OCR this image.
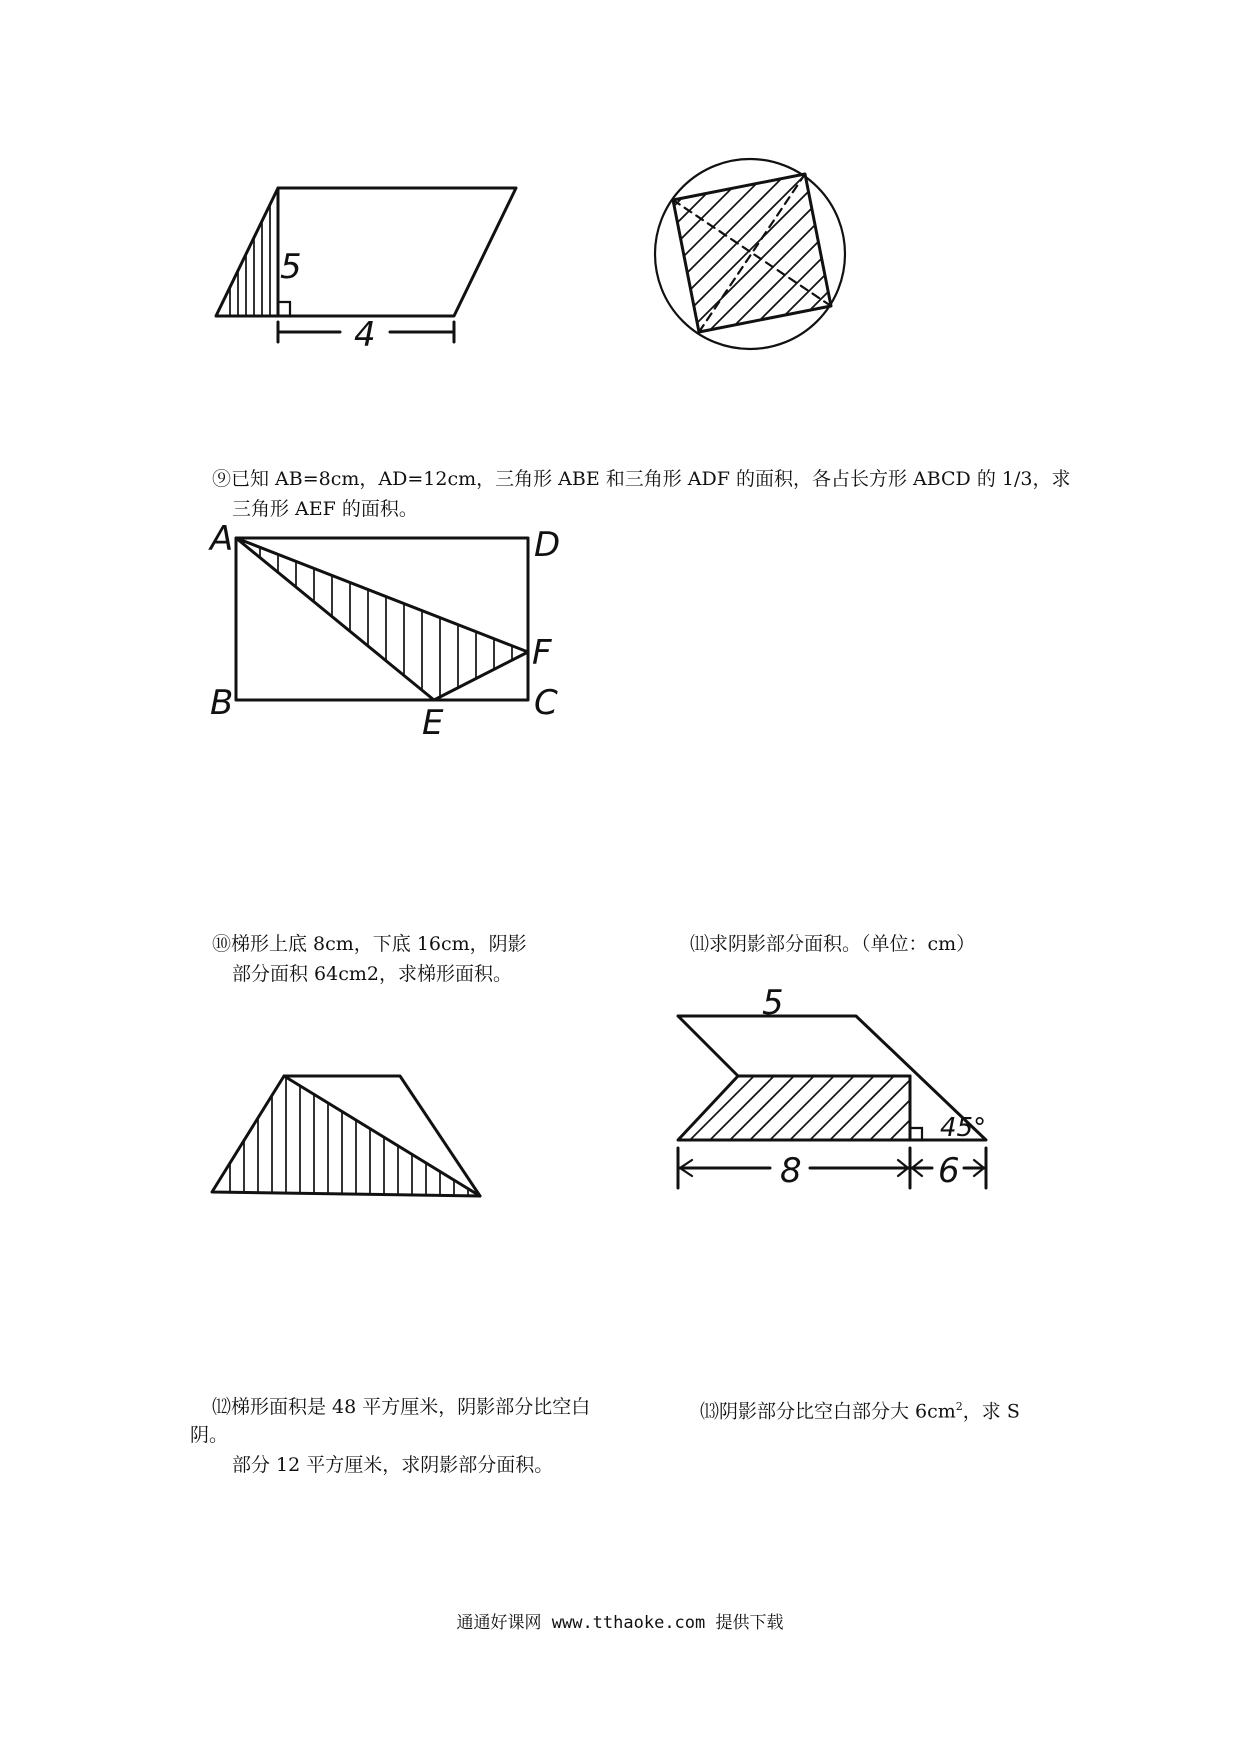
5
4
⑨已知 AB=8cm，AD=12cm，三角形 ABE 和三角形 ADF 的面积，各占长方形 ABCD 的 1/3，求
三角形 AEF 的面积。
A	D
B	C
E
F
⑩梯形上底 8cm，下底 16cm，阴影
部分面积 64cm2，求梯形面积。
⑾求阴影部分面积。（单位：cm）
5
45°
8	6
⑿梯形面积是 48 平方厘米，阴影部分比空白
阴。
部分 12 平方厘米，求阴影部分面积。
⒀阴影部分比空白部分大 $6cm^2$，求 S
通通好课网 www.tthaoke.com 提供下载
